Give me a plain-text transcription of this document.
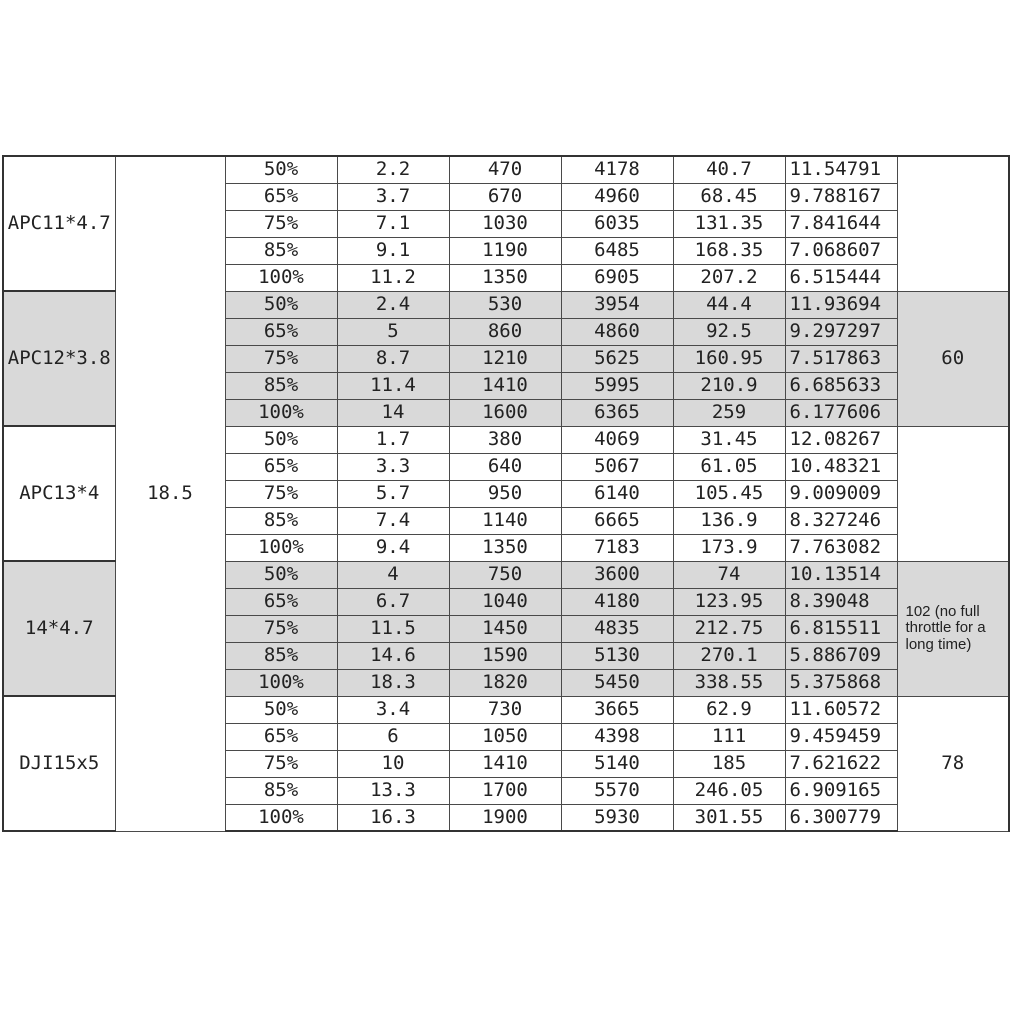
APC11*4.7	18.5	50%	2.2	470	4178	40.7	11.54791	
		65%	3.7	670	4960	68.45	9.788167	
		75%	7.1	1030	6035	131.35	7.841644	
		85%	9.1	1190	6485	168.35	7.068607	
		100%	11.2	1350	6905	207.2	6.515444	
APC12*3.8		50%	2.4	530	3954	44.4	11.93694	60
		65%	5	860	4860	92.5	9.297297	
		75%	8.7	1210	5625	160.95	7.517863	
		85%	11.4	1410	5995	210.9	6.685633	
		100%	14	1600	6365	259	6.177606	
APC13*4		50%	1.7	380	4069	31.45	12.08267	
		65%	3.3	640	5067	61.05	10.48321	
		75%	5.7	950	6140	105.45	9.009009	
		85%	7.4	1140	6665	136.9	8.327246	
		100%	9.4	1350	7183	173.9	7.763082	
14*4.7		50%	4	750	3600	74	10.13514	102 (no full throttle for a long time)
		65%	6.7	1040	4180	123.95	8.39048	
		75%	11.5	1450	4835	212.75	6.815511	
		85%	14.6	1590	5130	270.1	5.886709	
		100%	18.3	1820	5450	338.55	5.375868	
DJI15x5		50%	3.4	730	3665	62.9	11.60572	78
		65%	6	1050	4398	111	9.459459	
		75%	10	1410	5140	185	7.621622	
		85%	13.3	1700	5570	246.05	6.909165	
		100%	16.3	1900	5930	301.55	6.300779	
